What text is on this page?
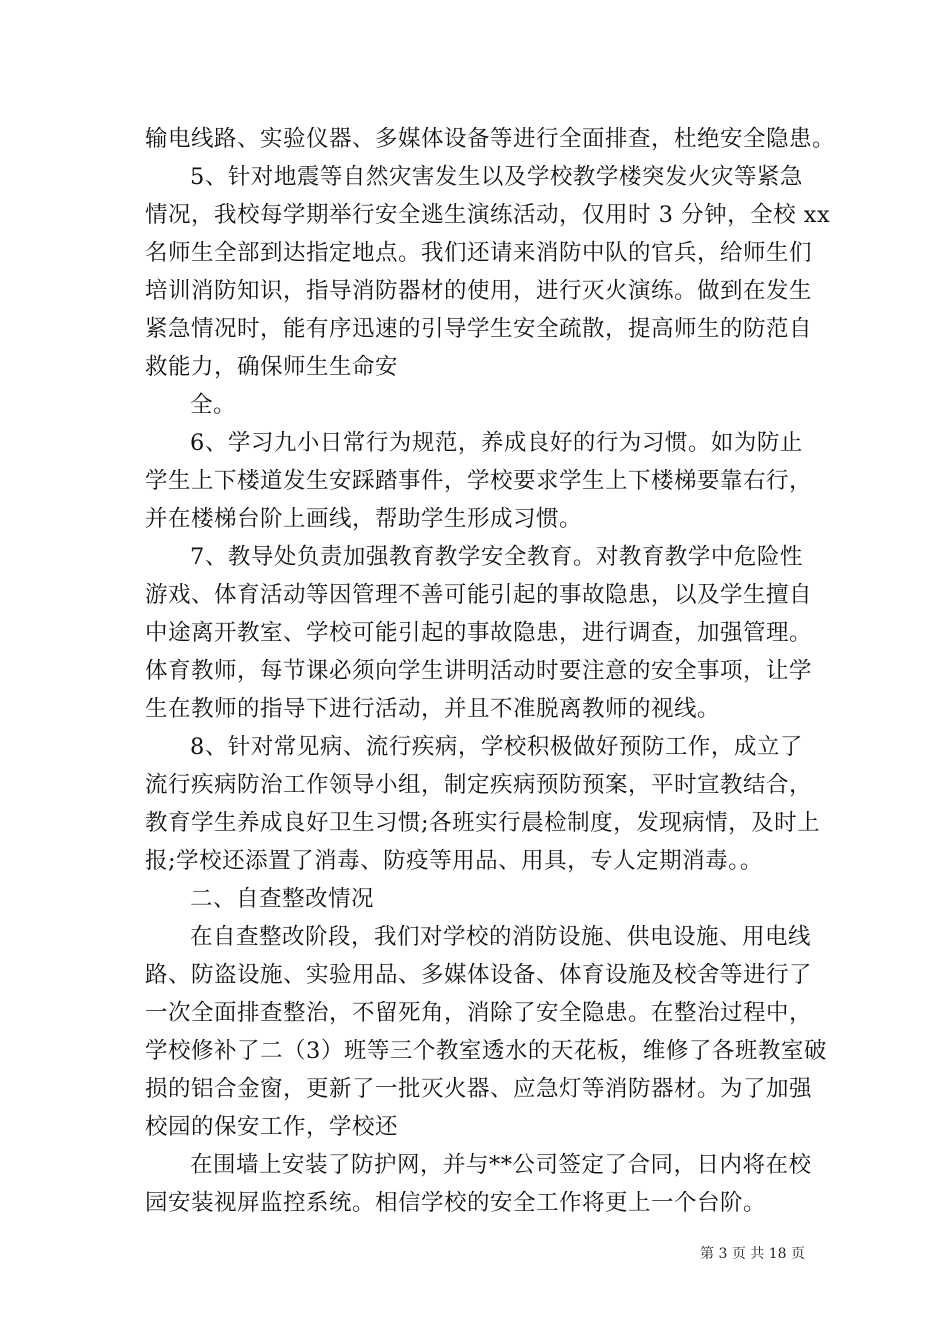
输电线路、实验仪器、多媒体设备等进行全面排查，杜绝安全隐患。
5、针对地震等自然灾害发生以及学校教学楼突发火灾等紧急
情况，我校每学期举行安全逃生演练活动，仅用时 3 分钟，全校 xx
名师生全部到达指定地点。我们还请来消防中队的官兵，给师生们
培训消防知识，指导消防器材的使用，进行灭火演练。做到在发生
紧急情况时，能有序迅速的引导学生安全疏散，提高师生的防范自
救能力，确保师生生命安
全。
6、学习九小日常行为规范，养成良好的行为习惯。如为防止
学生上下楼道发生安踩踏事件，学校要求学生上下楼梯要靠右行，
并在楼梯台阶上画线，帮助学生形成习惯。
7、教导处负责加强教育教学安全教育。对教育教学中危险性
游戏、体育活动等因管理不善可能引起的事故隐患，以及学生擅自
中途离开教室、学校可能引起的事故隐患，进行调查，加强管理。
体育教师，每节课必须向学生讲明活动时要注意的安全事项，让学
生在教师的指导下进行活动，并且不准脱离教师的视线。
8、针对常见病、流行疾病，学校积极做好预防工作，成立了
流行疾病防治工作领导小组，制定疾病预防预案，平时宣教结合，
教育学生养成良好卫生习惯;各班实行晨检制度，发现病情，及时上
报;学校还添置了消毒、防疫等用品、用具，专人定期消毒。。
二、自查整改情况
在自查整改阶段，我们对学校的消防设施、供电设施、用电线
路、防盗设施、实验用品、多媒体设备、体育设施及校舍等进行了
一次全面排查整治，不留死角，消除了安全隐患。在整治过程中，
学校修补了二（3）班等三个教室透水的天花板，维修了各班教室破
损的铝合金窗，更新了一批灭火器、应急灯等消防器材。为了加强
校园的保安工作，学校还
在围墙上安装了防护网，并与**公司签定了合同，日内将在校
园安装视屏监控系统。相信学校的安全工作将更上一个台阶。
第 3 页 共 18 页
